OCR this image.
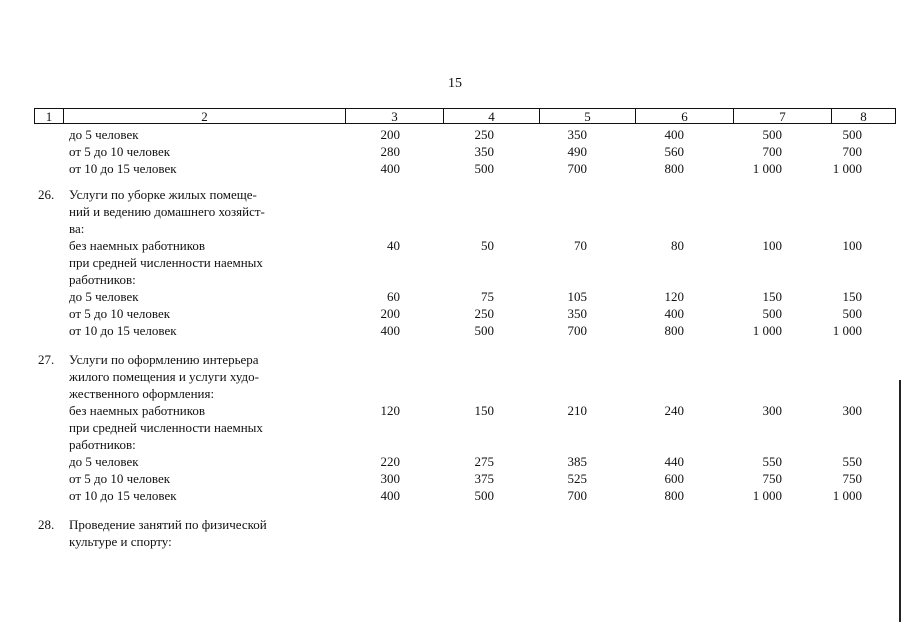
15
1	2	3	4	5	6	7	8
до 5 человек	200	250	350	400	500	500
от 5 до 10 человек	280	350	490	560	700	700
от 10 до 15 человек	400	500	700	800	1 000	1 000
26. Услуги по уборке жилых помеще-
ний и ведению домашнего хозяйст-
ва:
без наемных работников	40	50	70	80	100	100
при средней численности наемных
работников:
до 5 человек	60	75	105	120	150	150
от 5 до 10 человек	200	250	350	400	500	500
от 10 до 15 человек	400	500	700	800	1 000	1 000
27. Услуги по оформлению интерьера
жилого помещения и услуги худо-
жественного оформления:
без наемных работников	120	150	210	240	300	300
при средней численности наемных
работников:
до 5 человек	220	275	385	440	550	550
от 5 до 10 человек	300	375	525	600	750	750
от 10 до 15 человек	400	500	700	800	1 000	1 000
28. Проведение занятий по физической
культуре и спорту:
